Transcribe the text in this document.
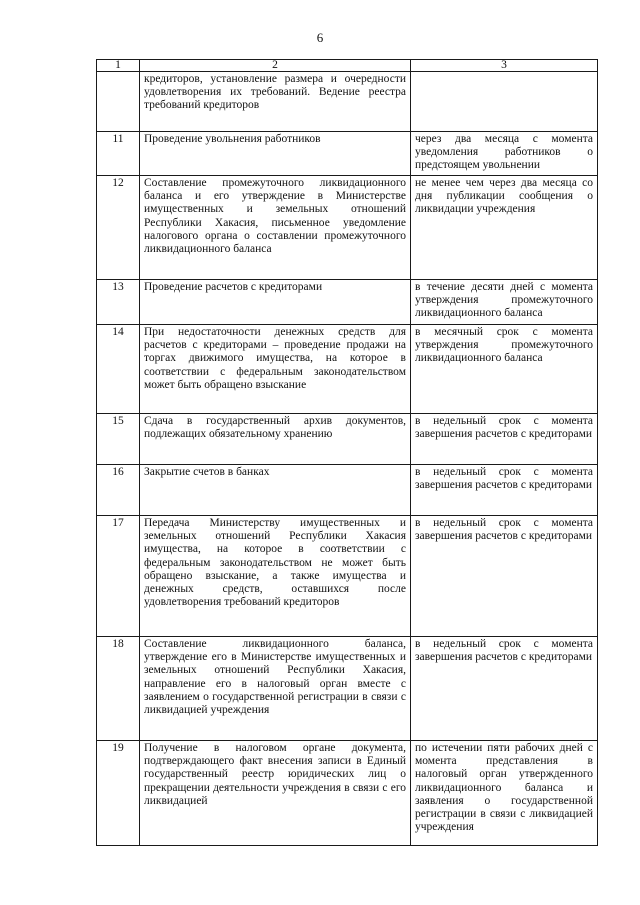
6
1	2	3
	кредиторов, установление размера и очередности удовлетворения их требований. Ведение реестра требований кредиторов	
11	Проведение увольнения работников	через два месяца с момента уведомления работников о предстоящем увольнении
12	Составление промежуточного ликвидационного баланса и его утверждение в Министерстве имущественных и земельных отношений Республики Хакасия, письменное уведомление налогового органа о составлении промежуточного ликвидационного баланса	не менее чем через два месяца со дня публикации сообщения о ликвидации учреждения
13	Проведение расчетов с кредиторами	в течение десяти дней с момента утверждения промежуточного ликвидационного баланса
14	При недостаточности денежных средств для расчетов с кредиторами – проведение продажи на торгах движимого имущества, на которое в соответствии с федеральным законодательством может быть обращено взыскание	в месячный срок с момента утверждения промежуточного ликвидационного баланса
15	Сдача в государственный архив документов, подлежащих обязательному хранению	в недельный срок с момента завершения расчетов с кредиторами
16	Закрытие счетов в банках	в недельный срок с момента завершения расчетов с кредиторами
17	Передача Министерству имущественных и земельных отношений Республики Хакасия имущества, на которое в соответствии с федеральным законодательством не может быть обращено взыскание, а также имущества и денежных средств, оставшихся после удовлетворения требований кредиторов	в недельный срок с момента завершения расчетов с кредиторами
18	Составление ликвидационного баланса, утверждение его в Министерстве имущественных и земельных отношений Республики Хакасия, направление его в налоговый орган вместе с заявлением о государственной регистрации в связи с ликвидацией учреждения	в недельный срок с момента завершения расчетов с кредиторами
19	Получение в налоговом органе документа, подтверждающего факт внесения записи в Единый государственный реестр юридических лиц о прекращении деятельности учреждения в связи с его ликвидацией	по истечении пяти рабочих дней с момента представления в налоговый орган утвержденного ликвидационного баланса и заявления о государственной регистрации в связи с ликвидацией учреждения
